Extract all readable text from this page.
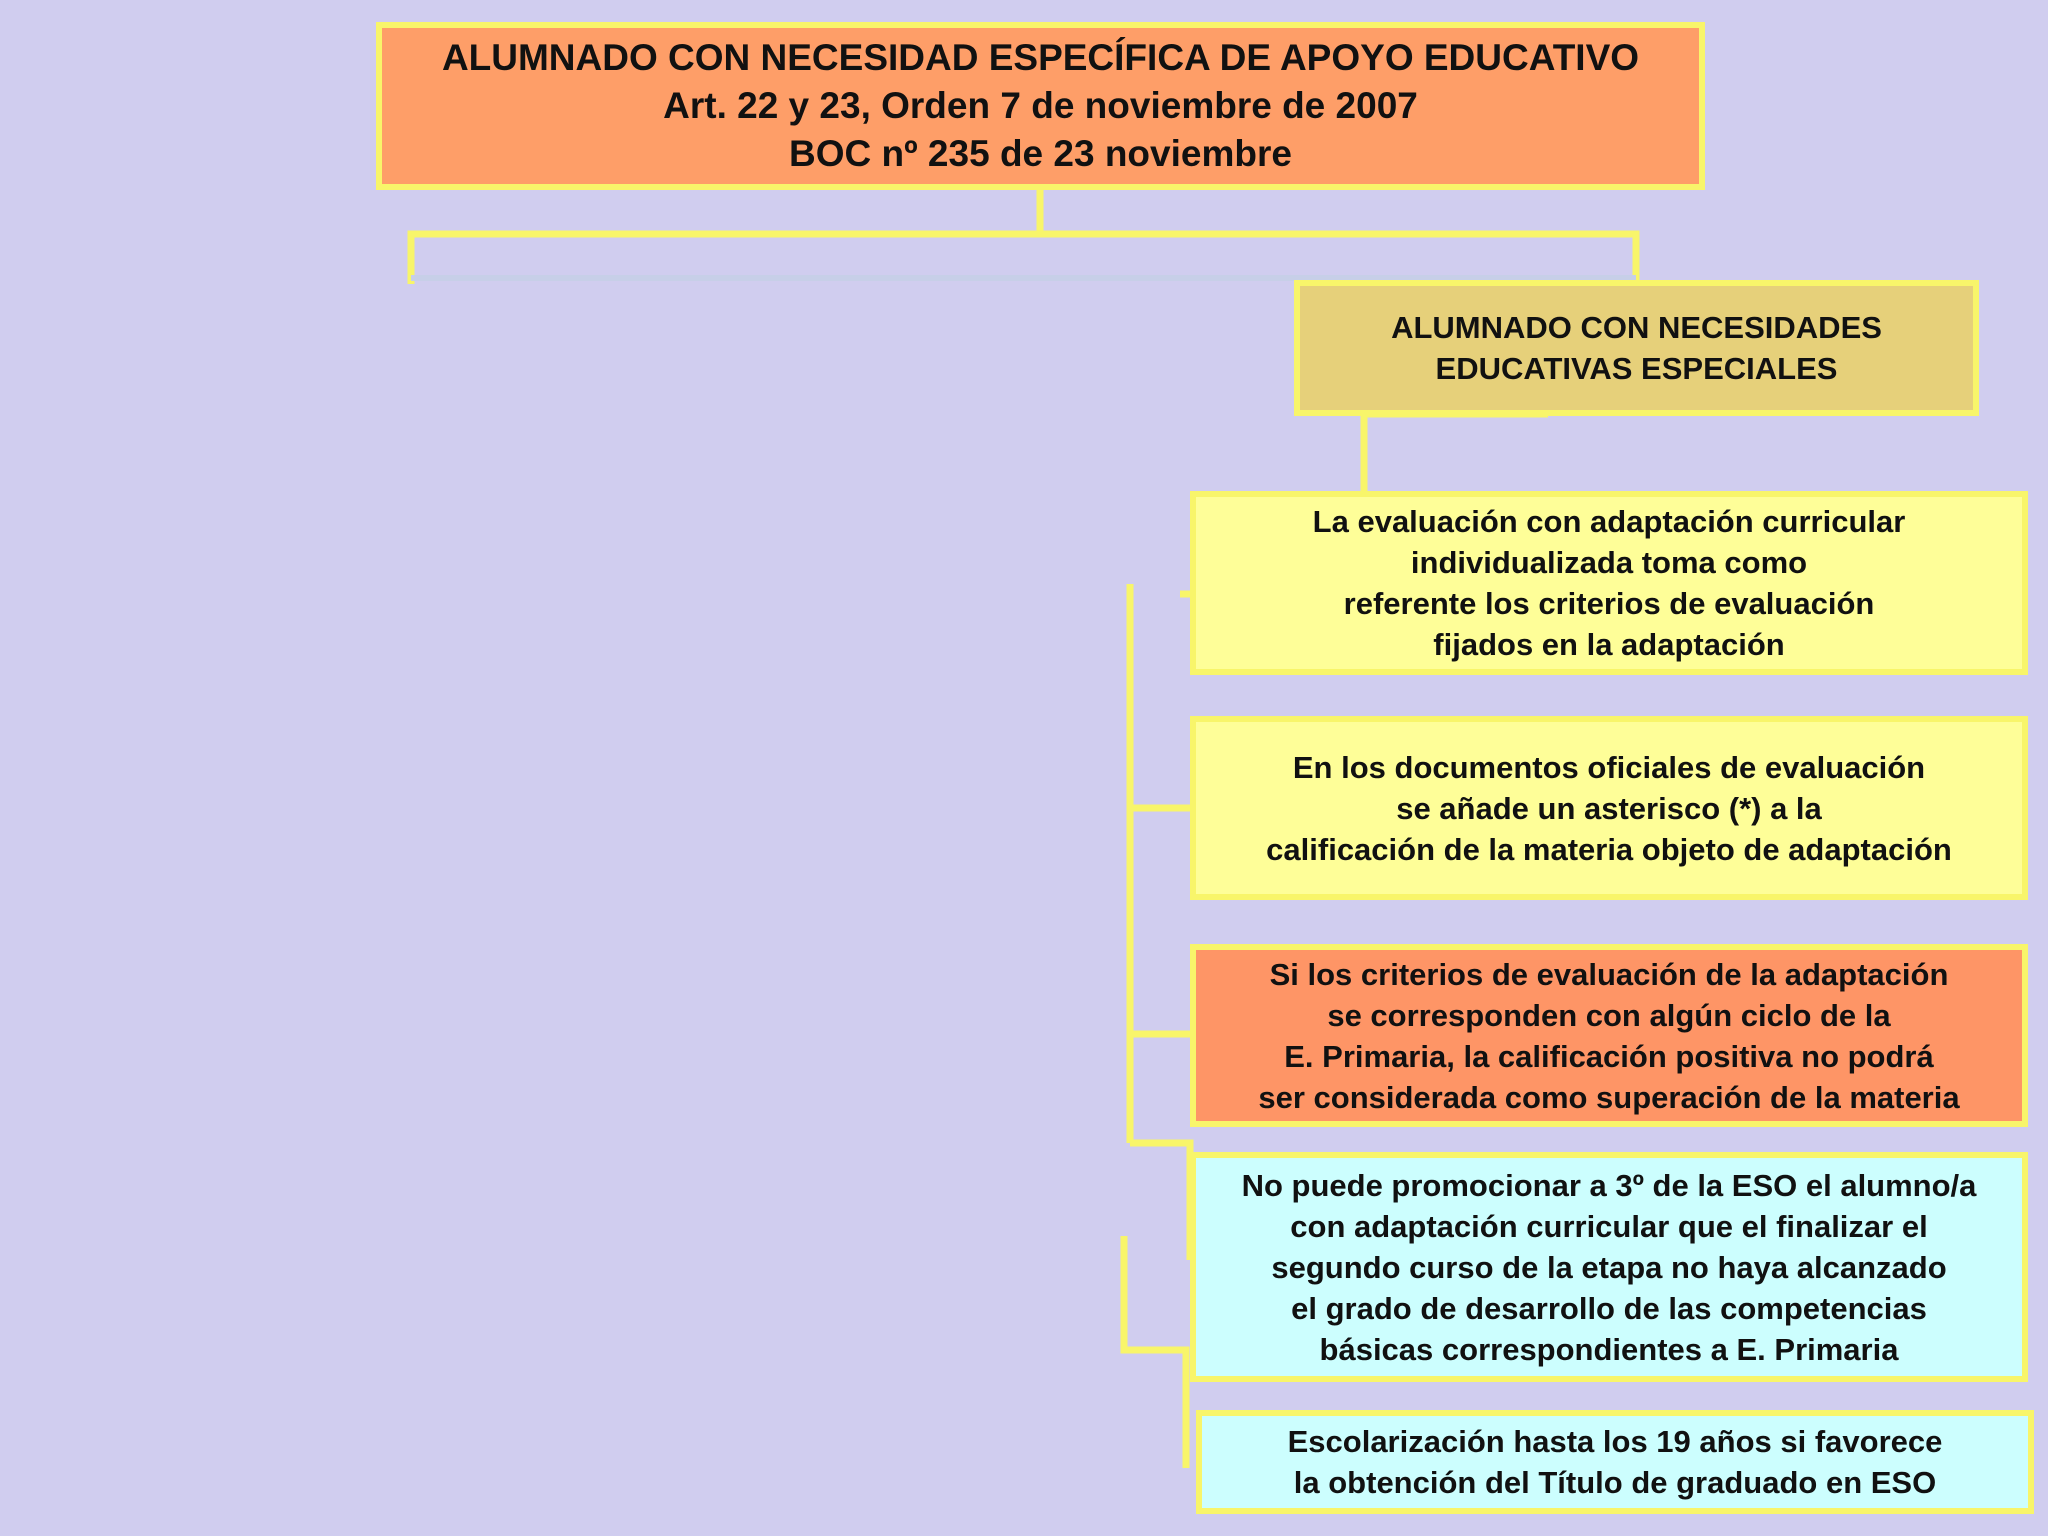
ALUMNADO CON NECESIDAD ESPECÍFICA DE APOYO EDUCATIVO
Art. 22 y 23, Orden 7 de noviembre de 2007
BOC nº 235 de 23 noviembre
ALUMNADO CON NECESIDADES
EDUCATIVAS ESPECIALES
La evaluación con adaptación curricular
individualizada toma como
referente los criterios de evaluación
fijados en la adaptación
En los documentos oficiales de evaluación
se añade un asterisco (*) a la
calificación de la materia objeto de adaptación
Si los criterios de evaluación de la adaptación
se corresponden con algún ciclo de la
E. Primaria, la calificación positiva no podrá
ser considerada como superación de la materia
No puede promocionar a 3º de la ESO el alumno/a
con adaptación curricular que el finalizar el
segundo curso de la etapa no haya alcanzado
el grado de desarrollo de las competencias
básicas correspondientes a E. Primaria
Escolarización hasta los 19 años si favorece
la obtención del Título de graduado en ESO
